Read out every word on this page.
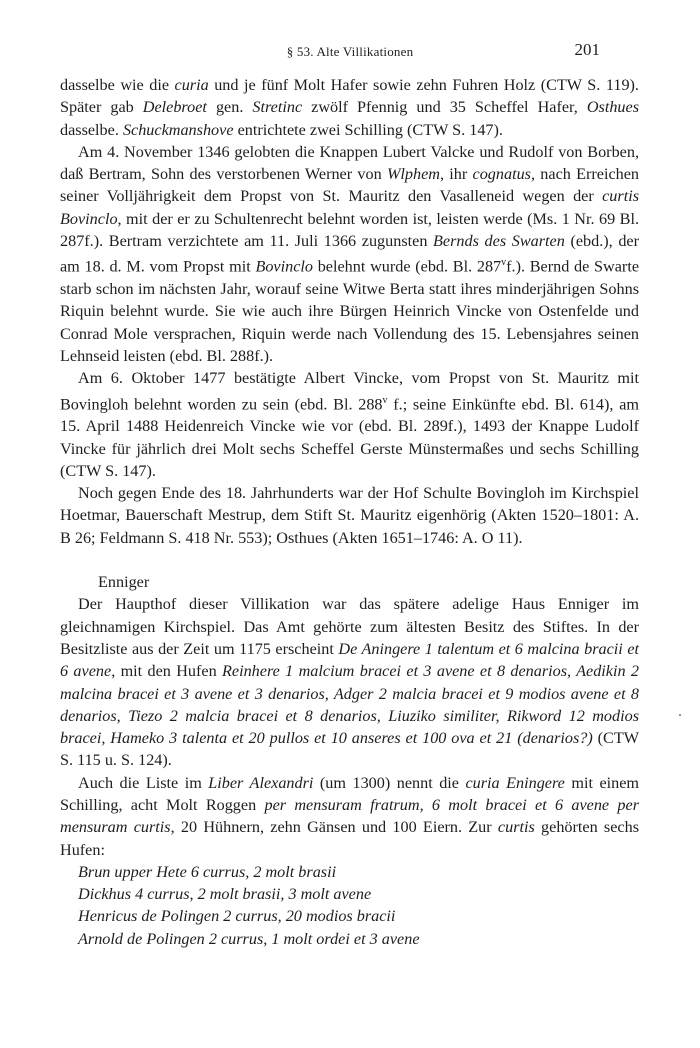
§ 53. Alte Villikationen	201

dasselbe wie die curia und je fünf Molt Hafer sowie zehn Fuhren Holz (CTW S. 119). Später gab Delebroet gen. Stretinc zwölf Pfennig und 35 Scheffel Hafer, Osthues dasselbe. Schuckmanshove entrichtete zwei Schilling (CTW S. 147).

Am 4. November 1346 gelobten die Knappen Lubert Valcke und Rudolf von Borben, daß Bertram, Sohn des verstorbenen Werner von Wlphem, ihr cognatus, nach Erreichen seiner Volljährigkeit dem Propst von St. Mauritz den Vasalleneid wegen der curtis Bovinclo, mit der er zu Schultenrecht belehnt worden ist, leisten werde (Ms. 1 Nr. 69 Bl. 287f.). Bertram verzichtete am 11. Juli 1366 zugunsten Bernds des Swarten (ebd.), der am 18. d. M. vom Propst mit Bovinclo belehnt wurde (ebd. Bl. 287$^v$f.). Bernd de Swarte starb schon im nächsten Jahr, worauf seine Witwe Berta statt ihres minderjährigen Sohns Riquin belehnt wurde. Sie wie auch ihre Bürgen Heinrich Vincke von Ostenfelde und Conrad Mole versprachen, Riquin werde nach Vollendung des 15. Lebensjahres seinen Lehnseid leisten (ebd. Bl. 288f.).

Am 6. Oktober 1477 bestätigte Albert Vincke, vom Propst von St. Mauritz mit Bovingloh belehnt worden zu sein (ebd. Bl. 288$^v$ f.; seine Einkünfte ebd. Bl. 614), am 15. April 1488 Heidenreich Vincke wie vor (ebd. Bl. 289f.), 1493 der Knappe Ludolf Vincke für jährlich drei Molt sechs Scheffel Gerste Münstermaßes und sechs Schilling (CTW S. 147).

Noch gegen Ende des 18. Jahrhunderts war der Hof Schulte Bovingloh im Kirchspiel Hoetmar, Bauerschaft Mestrup, dem Stift St. Mauritz eigenhörig (Akten 1520–1801: A. B 26; Feldmann S. 418 Nr. 553); Osthues (Akten 1651–1746: A. O 11).

Enniger

Der Haupthof dieser Villikation war das spätere adelige Haus Enniger im gleichnamigen Kirchspiel. Das Amt gehörte zum ältesten Besitz des Stiftes. In der Besitzliste aus der Zeit um 1175 erscheint De Aningere 1 talentum et 6 malcina bracii et 6 avene, mit den Hufen Reinhere 1 malcium bracei et 3 avene et 8 denarios, Aedikin 2 malcina bracei et 3 avene et 3 denarios, Adger 2 malcia bracei et 9 modios avene et 8 denarios, Tiezo 2 malcia bracei et 8 denarios, Liuziko similiter, Rikword 12 modios bracei, Hameko 3 talenta et 20 pullos et 10 anseres et 100 ova et 21 (denarios?) (CTW S. 115 u. S. 124).

Auch die Liste im Liber Alexandri (um 1300) nennt die curia Eningere mit einem Schilling, acht Molt Roggen per mensuram fratrum, 6 molt bracei et 6 avene per mensuram curtis, 20 Hühnern, zehn Gänsen und 100 Eiern. Zur curtis gehörten sechs Hufen:

Brun upper Hete 6 currus, 2 molt brasii
Dickhus 4 currus, 2 molt brasii, 3 molt avene
Henricus de Polingen 2 currus, 20 modios bracii
Arnold de Polingen 2 currus, 1 molt ordei et 3 avene
